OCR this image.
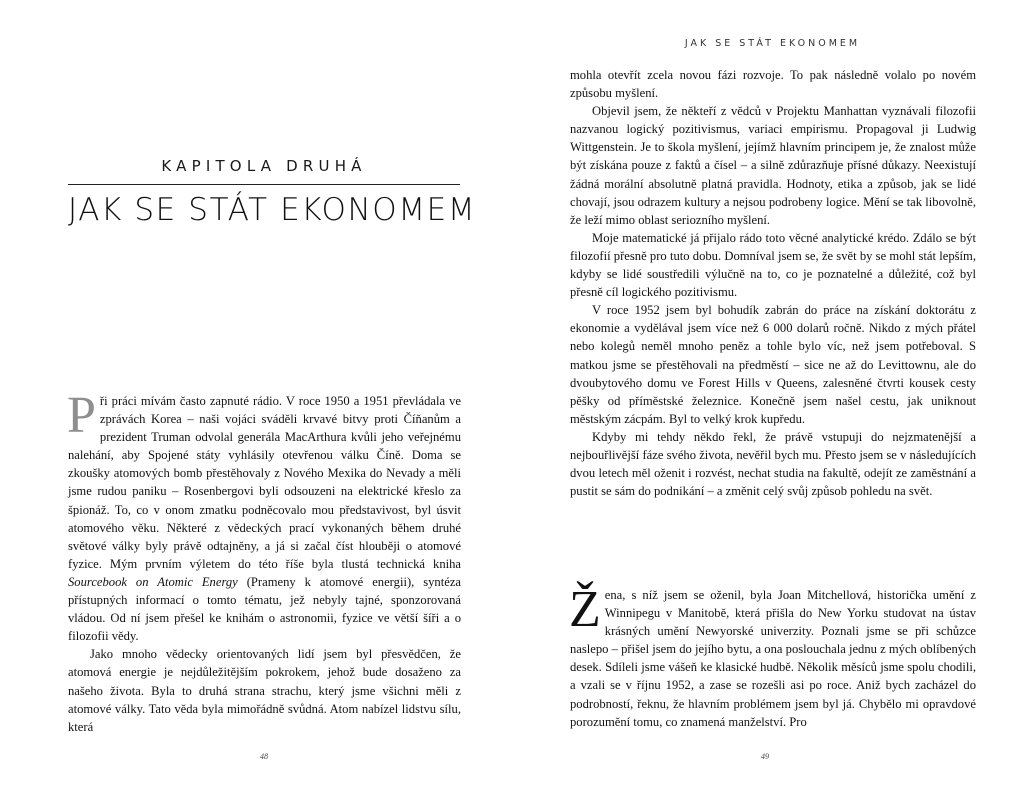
KAPITOLA DRUHÁ
JAK SE STÁT EKONOMEM

Při práci mívám často zapnuté rádio. V roce 1950 a 1951 převládala ve zprávách Korea – naši vojáci sváděli krvavé bitvy proti Číňanům a prezident Truman odvolal generála MacArthura kvůli jeho veřejnému nalehání, aby Spojené státy vyhlásily otevřenou válku Číně. Doma se zkoušky atomových bomb přestěhovaly z Nového Mexika do Nevady a měli jsme rudou paniku – Rosenbergovi byli odsouzeni na elektrické křeslo za špionáž. To, co v onom zmatku podněcovalo mou představivost, byl úsvit atomového věku. Některé z vědeckých prací vykonaných během druhé světové války byly právě odtajněny, a já si začal číst hlouběji o atomové fyzice. Mým prvním výletem do této říše byla tlustá technická kniha Sourcebook on Atomic Energy (Prameny k atomové energii), syntéza přístupných informací o tomto tématu, jež nebyly tajné, sponzorovaná vládou. Od ní jsem přešel ke knihám o astronomii, fyzice ve větší šíři a o filozofii vědy.

Jako mnoho vědecky orientovaných lidí jsem byl přesvědčen, že atomová energie je nejdůležitějším pokrokem, jehož bude dosaženo za našeho života. Byla to druhá strana strachu, který jsme všichni měli z atomové války. Tato věda byla mimořádně svůdná. Atom nabízel lidstvu sílu, která

48
JAK SE STÁT EKONOMEM

mohla otevřít zcela novou fázi rozvoje. To pak následně volalo po novém způsobu myšlení.

Objevil jsem, že někteří z vědců v Projektu Manhattan vyznávali filozofii nazvanou logický pozitivismus, variaci empirismu. Propagoval ji Ludwig Wittgenstein. Je to škola myšlení, jejímž hlavním principem je, že znalost může být získána pouze z faktů a čísel – a silně zdůrazňuje přísné důkazy. Neexistují žádná morální absolutně platná pravidla. Hodnoty, etika a způsob, jak se lidé chovají, jsou odrazem kultury a nejsou podrobeny logice. Mění se tak libovolně, že leží mimo oblast seriozního myšlení.

Moje matematické já přijalo rádo toto věcné analytické krédo. Zdálo se být filozofií přesně pro tuto dobu. Domníval jsem se, že svět by se mohl stát lepším, kdyby se lidé soustředili výlučně na to, co je poznatelné a důležité, což byl přesně cíl logického pozitivismu.

V roce 1952 jsem byl bohudík zabrán do práce na získání doktorátu z ekonomie a vydělával jsem více než 6 000 dolarů ročně. Nikdo z mých přátel nebo kolegů neměl mnoho peněz a tohle bylo víc, než jsem potřeboval. S matkou jsme se přestěhovali na předměstí – sice ne až do Levittownu, ale do dvoubytového domu ve Forest Hills v Queens, zalesněné čtvrti kousek cesty pěšky od příměstské železnice. Konečně jsem našel cestu, jak uniknout městským zácpám. Byl to velký krok kupředu.

Kdyby mi tehdy někdo řekl, že právě vstupuji do nejzmatenější a nejbouřlivější fáze svého života, nevěřil bych mu. Přesto jsem se v následujících dvou letech měl oženit i rozvést, nechat studia na fakultě, odejít ze zaměstnání a pustit se sám do podnikání – a změnit celý svůj způsob pohledu na svět.

Žena, s níž jsem se oženil, byla Joan Mitchellová, historička umění z Winnipegu v Manitobě, která přišla do New Yorku studovat na ústav krásných umění Newyorské univerzity. Poznali jsme se při schůzce naslepo – přišel jsem do jejího bytu, a ona poslouchala jednu z mých oblíbených desek. Sdíleli jsme vášeň ke klasické hudbě. Několik měsíců jsme spolu chodili, a vzali se v říjnu 1952, a zase se rozešli asi po roce. Aniž bych zacházel do podrobností, řeknu, že hlavním problémem jsem byl já. Chybělo mi opravdové porozumění tomu, co znamená manželství. Pro

49
